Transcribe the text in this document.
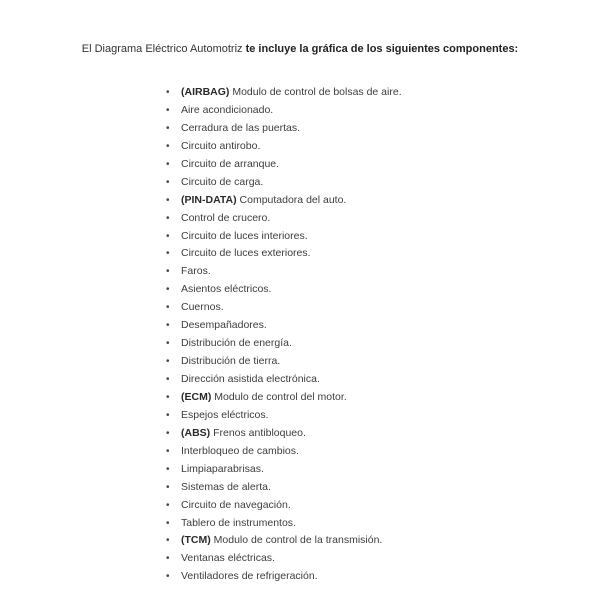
El Diagrama Eléctrico Automotriz te incluye la gráfica de los siguientes componentes:
• (AIRBAG) Modulo de control de bolsas de aire.
• Aire acondicionado.
• Cerradura de las puertas.
• Circuito antirobo.
• Circuito de arranque.
• Circuito de carga.
• (PIN-DATA) Computadora del auto.
• Control de crucero.
• Circuito de luces interiores.
• Circuito de luces exteriores.
• Faros.
• Asientos eléctricos.
• Cuernos.
• Desempañadores.
• Distribución de energía.
• Distribución de tierra.
• Dirección asistida electrónica.
• (ECM) Modulo de control del motor.
• Espejos eléctricos.
• (ABS) Frenos antibloqueo.
• Interbloqueo de cambios.
• Limpiaparabrisas.
• Sistemas de alerta.
• Circuito de navegación.
• Tablero de instrumentos.
• (TCM) Modulo de control de la transmisión.
• Ventanas eléctricas.
• Ventiladores de refrigeración.
